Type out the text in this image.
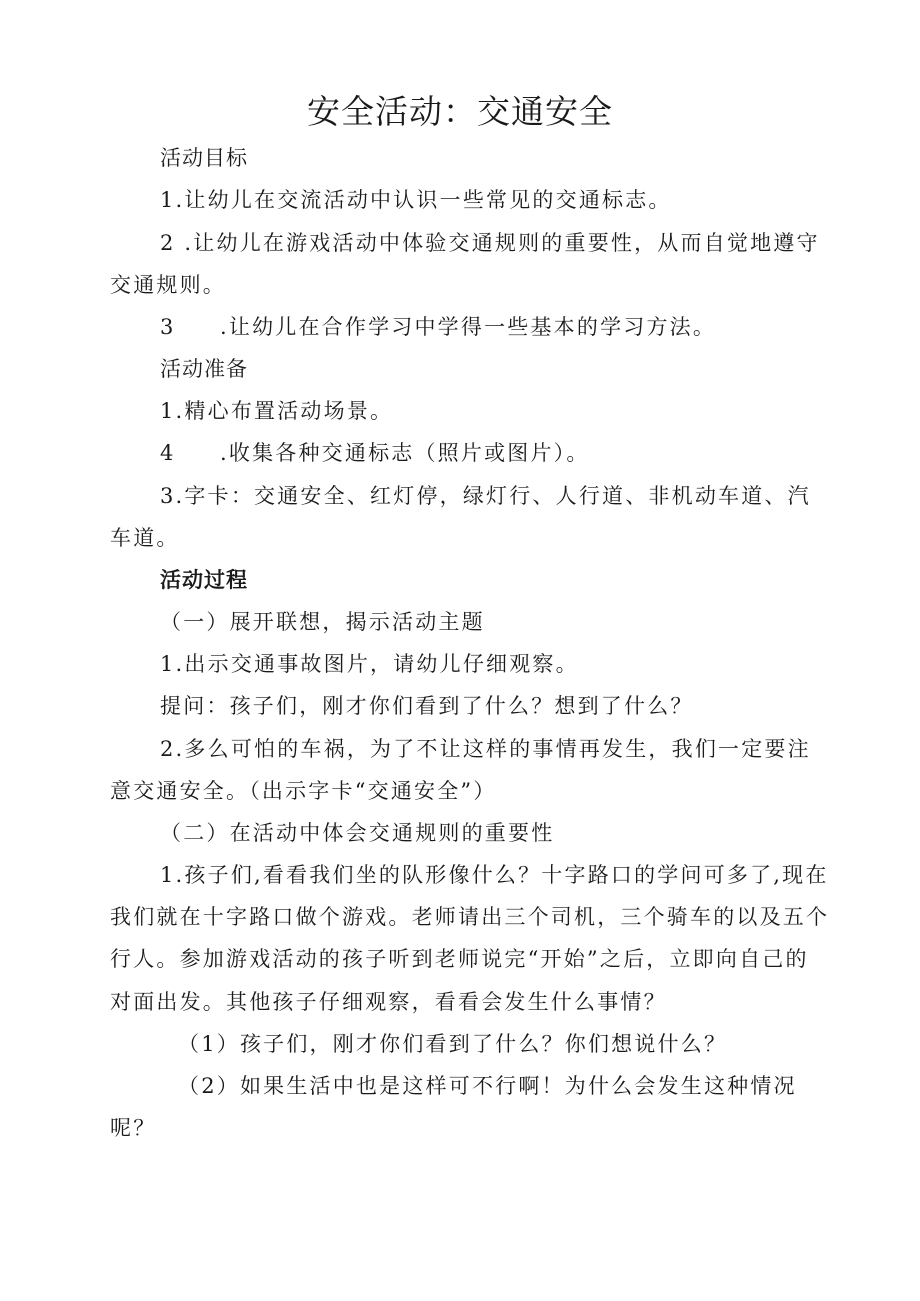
安全活动：交通安全

活动目标

1.让幼儿在交流活动中认识一些常见的交通标志。

2 .让幼儿在游戏活动中体验交通规则的重要性，从而自觉地遵守

交通规则。

3 .让幼儿在合作学习中学得一些基本的学习方法。

活动准备

1.精心布置活动场景。

4 .收集各种交通标志（照片或图片）。

3.字卡：交通安全、红灯停，绿灯行、人行道、非机动车道、汽

车道。

活动过程

（一）展开联想，揭示活动主题

1.出示交通事故图片，请幼儿仔细观察。

提问：孩子们，刚才你们看到了什么？想到了什么？

2.多么可怕的车祸，为了不让这样的事情再发生，我们一定要注

意交通安全。（出示字卡“交通安全”）

（二）在活动中体会交通规则的重要性

1.孩子们,看看我们坐的队形像什么？十字路口的学问可多了,现在

我们就在十字路口做个游戏。老师请出三个司机，三个骑车的以及五个

行人。参加游戏活动的孩子听到老师说完“开始”之后，立即向自己的

对面出发。其他孩子仔细观察，看看会发生什么事情？

（1）孩子们，刚才你们看到了什么？你们想说什么？

（2）如果生活中也是这样可不行啊！为什么会发生这种情况

呢？
